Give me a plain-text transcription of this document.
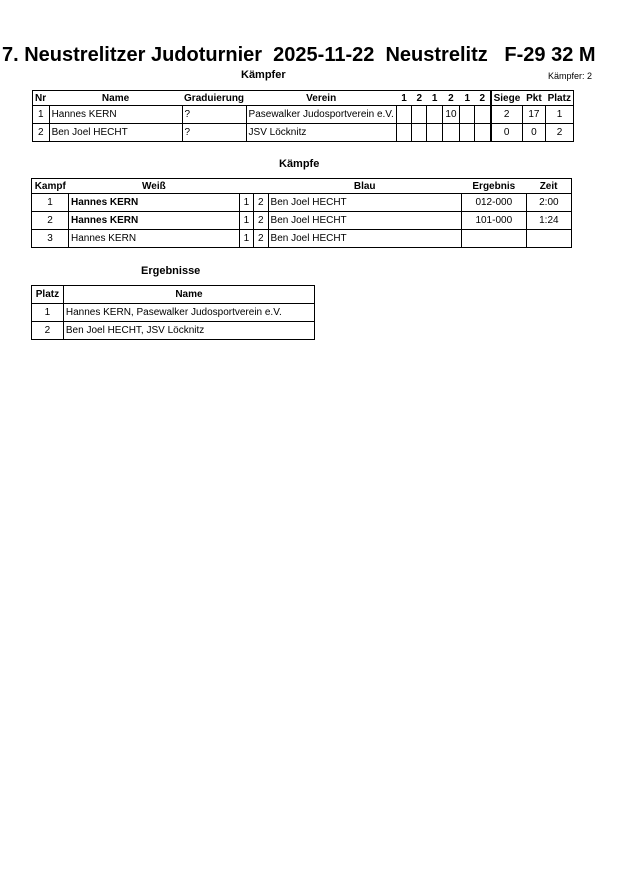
7. Neustrelitzer Judoturnier  2025-11-22  Neustrelitz   F-29 32 M
Kämpfer	Kämpfer: 2
Nr	Name	Graduierung	Verein	1	2	1	2	1	2	Siege	Pkt	Platz
1	Hannes KERN	?	Pasewalker Judosportverein e.V.				10			2	17	1
2	Ben Joel HECHT	?	JSV Löcknitz							0	0	2
Kämpfe
Kampf	Weiß			Blau	Ergebnis	Zeit
1	Hannes KERN	1	2	Ben Joel HECHT	012-000	2:00
2	Hannes KERN	1	2	Ben Joel HECHT	101-000	1:24
3	Hannes KERN	1	2	Ben Joel HECHT		
Ergebnisse
Platz	Name
1	Hannes KERN, Pasewalker Judosportverein e.V.
2	Ben Joel HECHT, JSV Löcknitz
